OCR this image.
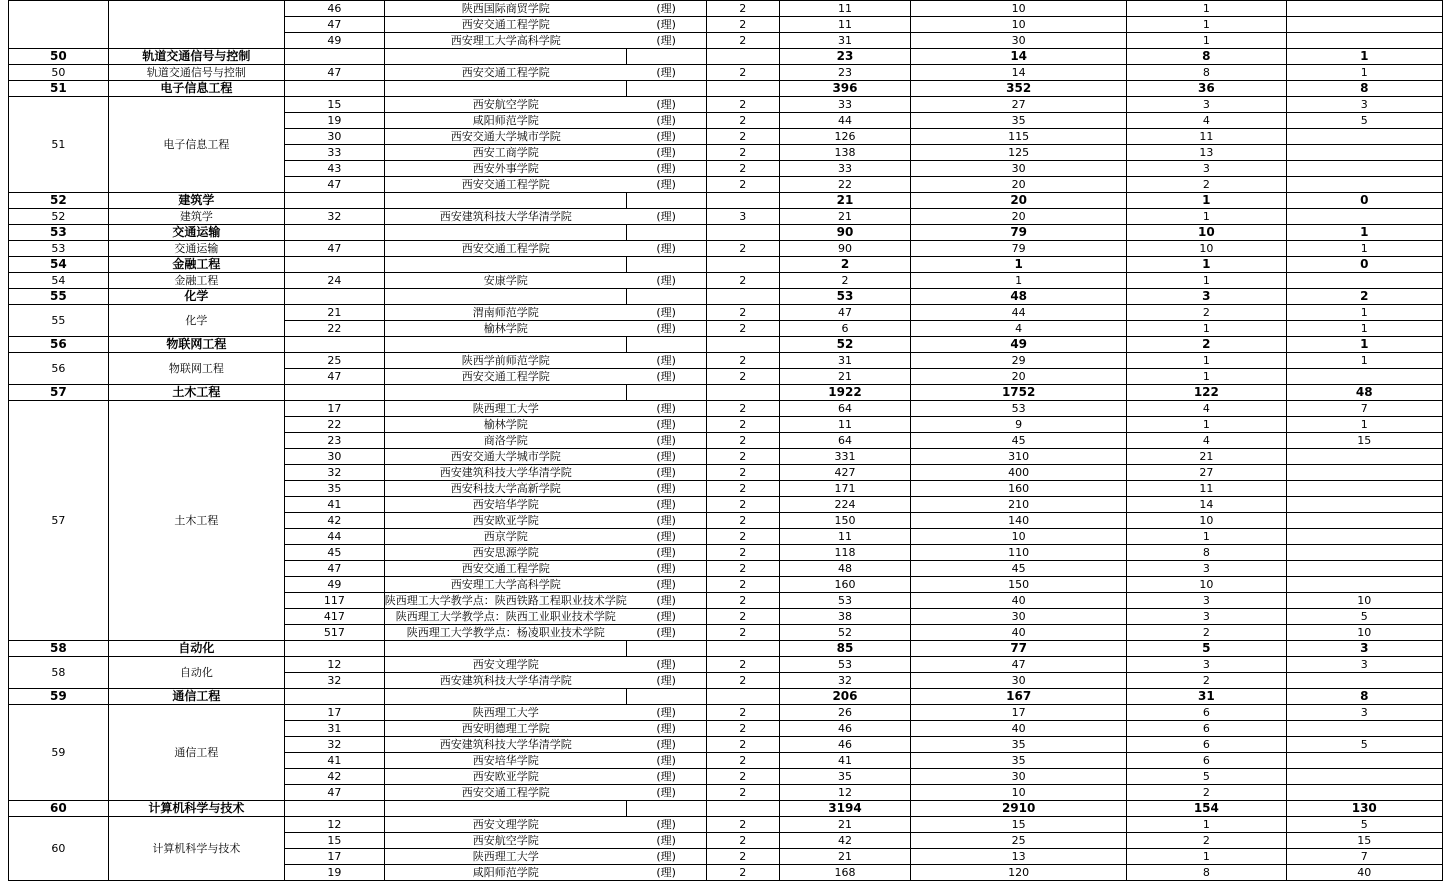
		46	陕西国际商贸学院	(理)	2	11	10	1	
		47	西安交通工程学院	(理)	2	11	10	1	
		49	西安理工大学高科学院	(理)	2	31	30	1	
50	轨道交通信号与控制					23	14	8	1
50	轨道交通信号与控制	47	西安交通工程学院	(理)	2	23	14	8	1
51	电子信息工程					396	352	36	8
51	电子信息工程	15	西安航空学院	(理)	2	33	27	3	3
		19	咸阳师范学院	(理)	2	44	35	4	5
		30	西安交通大学城市学院	(理)	2	126	115	11	
		33	西安工商学院	(理)	2	138	125	13	
		43	西安外事学院	(理)	2	33	30	3	
		47	西安交通工程学院	(理)	2	22	20	2	
52	建筑学					21	20	1	0
52	建筑学	32	西安建筑科技大学华清学院	(理)	3	21	20	1	
53	交通运输					90	79	10	1
53	交通运输	47	西安交通工程学院	(理)	2	90	79	10	1
54	金融工程					2	1	1	0
54	金融工程	24	安康学院	(理)	2	2	1	1	
55	化学					53	48	3	2
55	化学	21	渭南师范学院	(理)	2	47	44	2	1
		22	榆林学院	(理)	2	6	4	1	1
56	物联网工程					52	49	2	1
56	物联网工程	25	陕西学前师范学院	(理)	2	31	29	1	1
		47	西安交通工程学院	(理)	2	21	20	1	
57	土木工程					1922	1752	122	48
57	土木工程	17	陕西理工大学	(理)	2	64	53	4	7
		22	榆林学院	(理)	2	11	9	1	1
		23	商洛学院	(理)	2	64	45	4	15
		30	西安交通大学城市学院	(理)	2	331	310	21	
		32	西安建筑科技大学华清学院	(理)	2	427	400	27	
		35	西安科技大学高新学院	(理)	2	171	160	11	
		41	西安培华学院	(理)	2	224	210	14	
		42	西安欧亚学院	(理)	2	150	140	10	
		44	西京学院	(理)	2	11	10	1	
		45	西安思源学院	(理)	2	118	110	8	
		47	西安交通工程学院	(理)	2	48	45	3	
		49	西安理工大学高科学院	(理)	2	160	150	10	
		117	陕西理工大学教学点：陕西铁路工程职业技术学院	(理)	2	53	40	3	10
		417	陕西理工大学教学点：陕西工业职业技术学院	(理)	2	38	30	3	5
		517	陕西理工大学教学点：杨凌职业技术学院	(理)	2	52	40	2	10
58	自动化					85	77	5	3
58	自动化	12	西安文理学院	(理)	2	53	47	3	3
		32	西安建筑科技大学华清学院	(理)	2	32	30	2	
59	通信工程					206	167	31	8
59	通信工程	17	陕西理工大学	(理)	2	26	17	6	3
		31	西安明德理工学院	(理)	2	46	40	6	
		32	西安建筑科技大学华清学院	(理)	2	46	35	6	5
		41	西安培华学院	(理)	2	41	35	6	
		42	西安欧亚学院	(理)	2	35	30	5	
		47	西安交通工程学院	(理)	2	12	10	2	
60	计算机科学与技术					3194	2910	154	130
60	计算机科学与技术	12	西安文理学院	(理)	2	21	15	1	5
		15	西安航空学院	(理)	2	42	25	2	15
		17	陕西理工大学	(理)	2	21	13	1	7
		19	咸阳师范学院	(理)	2	168	120	8	40
